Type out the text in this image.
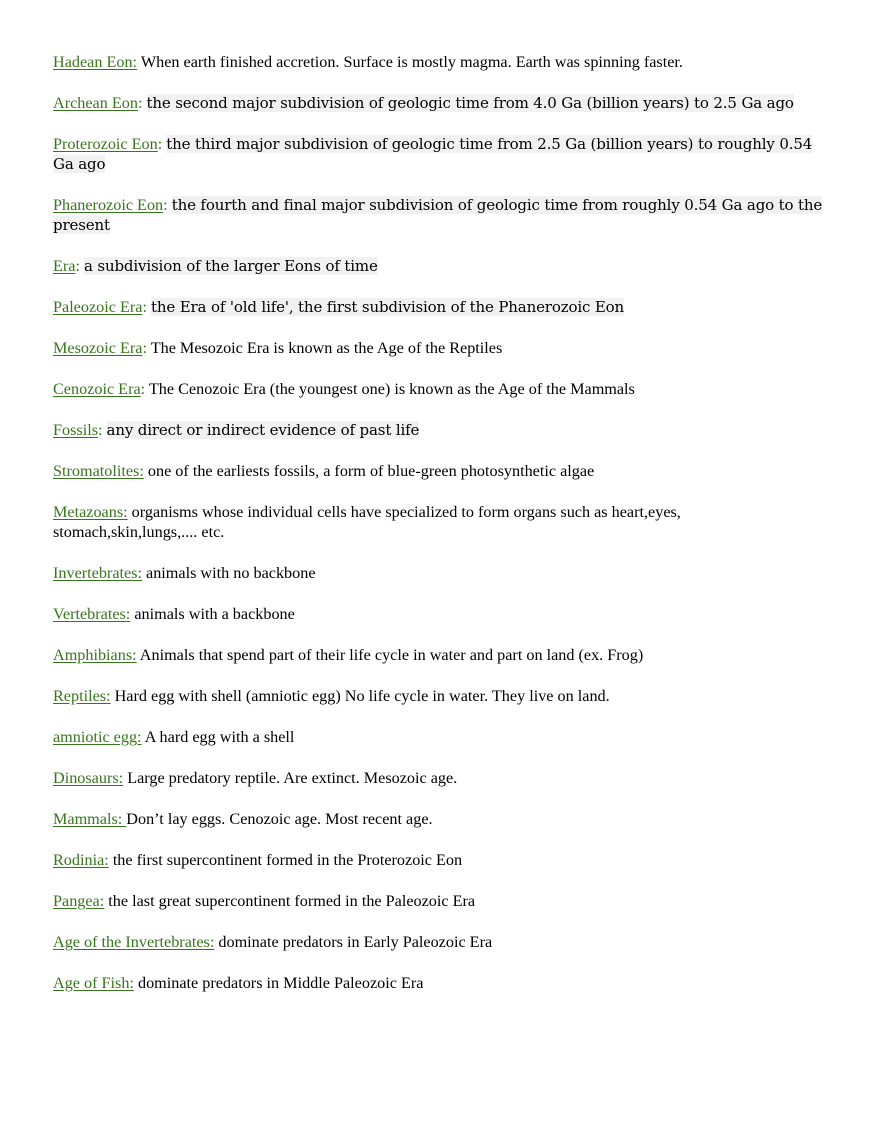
Hadean Eon: When earth finished accretion. Surface is mostly magma. Earth was spinning faster.
Archean Eon: the second major subdivision of geologic time from 4.0 Ga (billion years) to 2.5 Ga ago
Proterozoic Eon: the third major subdivision of geologic time from 2.5 Ga (billion years) to roughly 0.54 Ga ago
Phanerozoic Eon: the fourth and final major subdivision of geologic time from roughly 0.54 Ga ago to the present
Era: a subdivision of the larger Eons of time
Paleozoic Era: the Era of 'old life', the first subdivision of the Phanerozoic Eon
Mesozoic Era: The Mesozoic Era is known as the Age of the Reptiles
Cenozoic Era: The Cenozoic Era (the youngest one) is known as the Age of the Mammals
Fossils: any direct or indirect evidence of past life
Stromatolites: one of the earliests fossils, a form of blue-green photosynthetic algae
Metazoans: organisms whose individual cells have specialized to form organs such as heart,eyes, stomach,skin,lungs,.... etc.
Invertebrates: animals with no backbone
Vertebrates: animals with a backbone
Amphibians: Animals that spend part of their life cycle in water and part on land (ex. Frog)
Reptiles: Hard egg with shell (amniotic egg) No life cycle in water. They live on land.
amniotic egg: A hard egg with a shell
Dinosaurs: Large predatory reptile. Are extinct. Mesozoic age.
Mammals: Don’t lay eggs. Cenozoic age. Most recent age.
Rodinia: the first supercontinent formed in the Proterozoic Eon
Pangea: the last great supercontinent formed in the Paleozoic Era
Age of the Invertebrates: dominate predators in Early Paleozoic Era
Age of Fish: dominate predators in Middle Paleozoic Era
